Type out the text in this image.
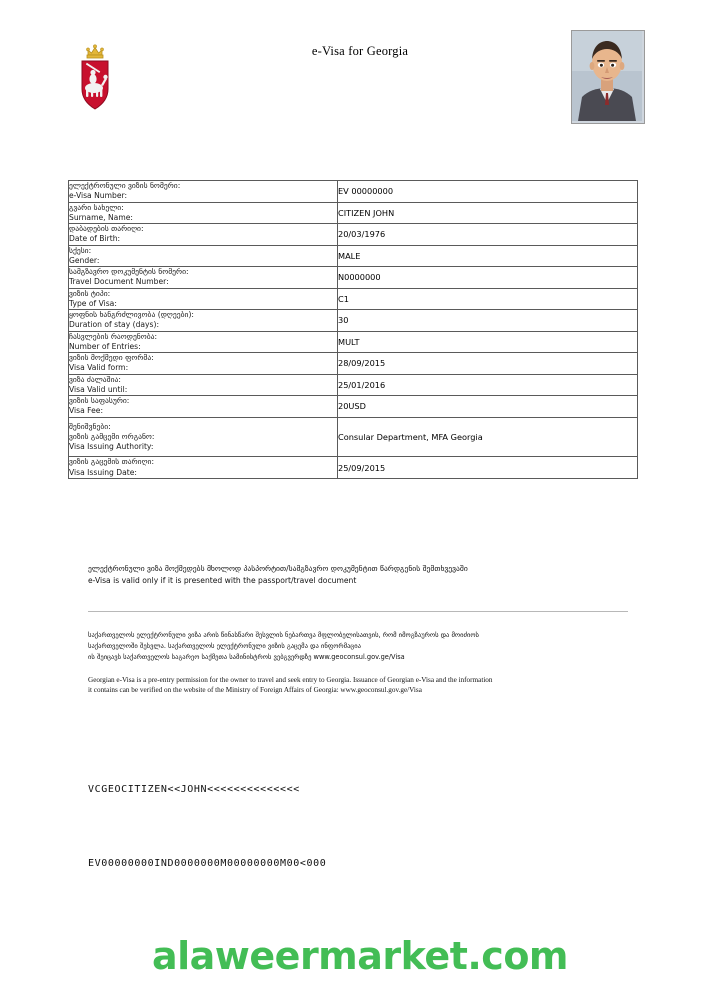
e-Visa for Georgia
ელექტრონული ვიზის ნომერი:
e-Visa Number:	EV 00000000

გვარი სახელი:
Surname, Name:	CITIZEN JOHN

დაბადების თარიღი:
Date of Birth:	20/03/1976

სქესი:
Gender:	MALE

სამგზავრო დოკუმენტის ნომერი:
Travel Document Number:	N0000000

ვიზის ტიპი:
Type of Visa:	C1

ყოფნის ხანგრძლივობა (დღეები):
Duration of stay (days):	30

ჩასვლების რაოდენობა:
Number of Entries:	MULT

ვიზის მოქმედი ფორმა:
Visa Valid form:	28/09/2015

ვიზა ძალაშია:
Visa Valid until:	25/01/2016

ვიზის საფასური:
Visa Fee:	20USD

შენიშვნები:
ვიზის გამცემი ორგანო:
Visa Issuing Authority:	Consular Department, MFA Georgia

ვიზის გაცემის თარიღი:
Visa Issuing Date:	25/09/2015
ელექტრონული ვიზა მოქმედებს მხოლოდ პასპორტით/სამგზავრო დოკუმენტით წარდგენის შემთხვევაში
e-Visa is valid only if it is presented with the passport/travel document
საქართველოს ელექტრონული ვიზა არის წინასწარი შესვლის ნებართვა მფლობელისათვის, რომ იმოგზაუროს და მოიძიოს
საქართველოში შესვლა. საქართველოს ელექტრონული ვიზის გაცემა და ინფორმაცია
ის შეიცავს საქართველოს საგარეო საქმეთა სამინისტროს ვებგვერდზე www.geoconsul.gov.ge/Visa
Georgian e-Visa is a pre-entry permission for the owner to travel and seek entry to Georgia. Issuance of Georgian e-Visa and the information
it contains can be verified on the website of the Ministry of Foreign Affairs of Georgia: www.geoconsul.gov.ge/Visa

VCGEOCITIZEN<<JOHN<<<<<<<<<<<<<<

EV00000000IND0000000M00000000M00<000

alaweermarket.com
